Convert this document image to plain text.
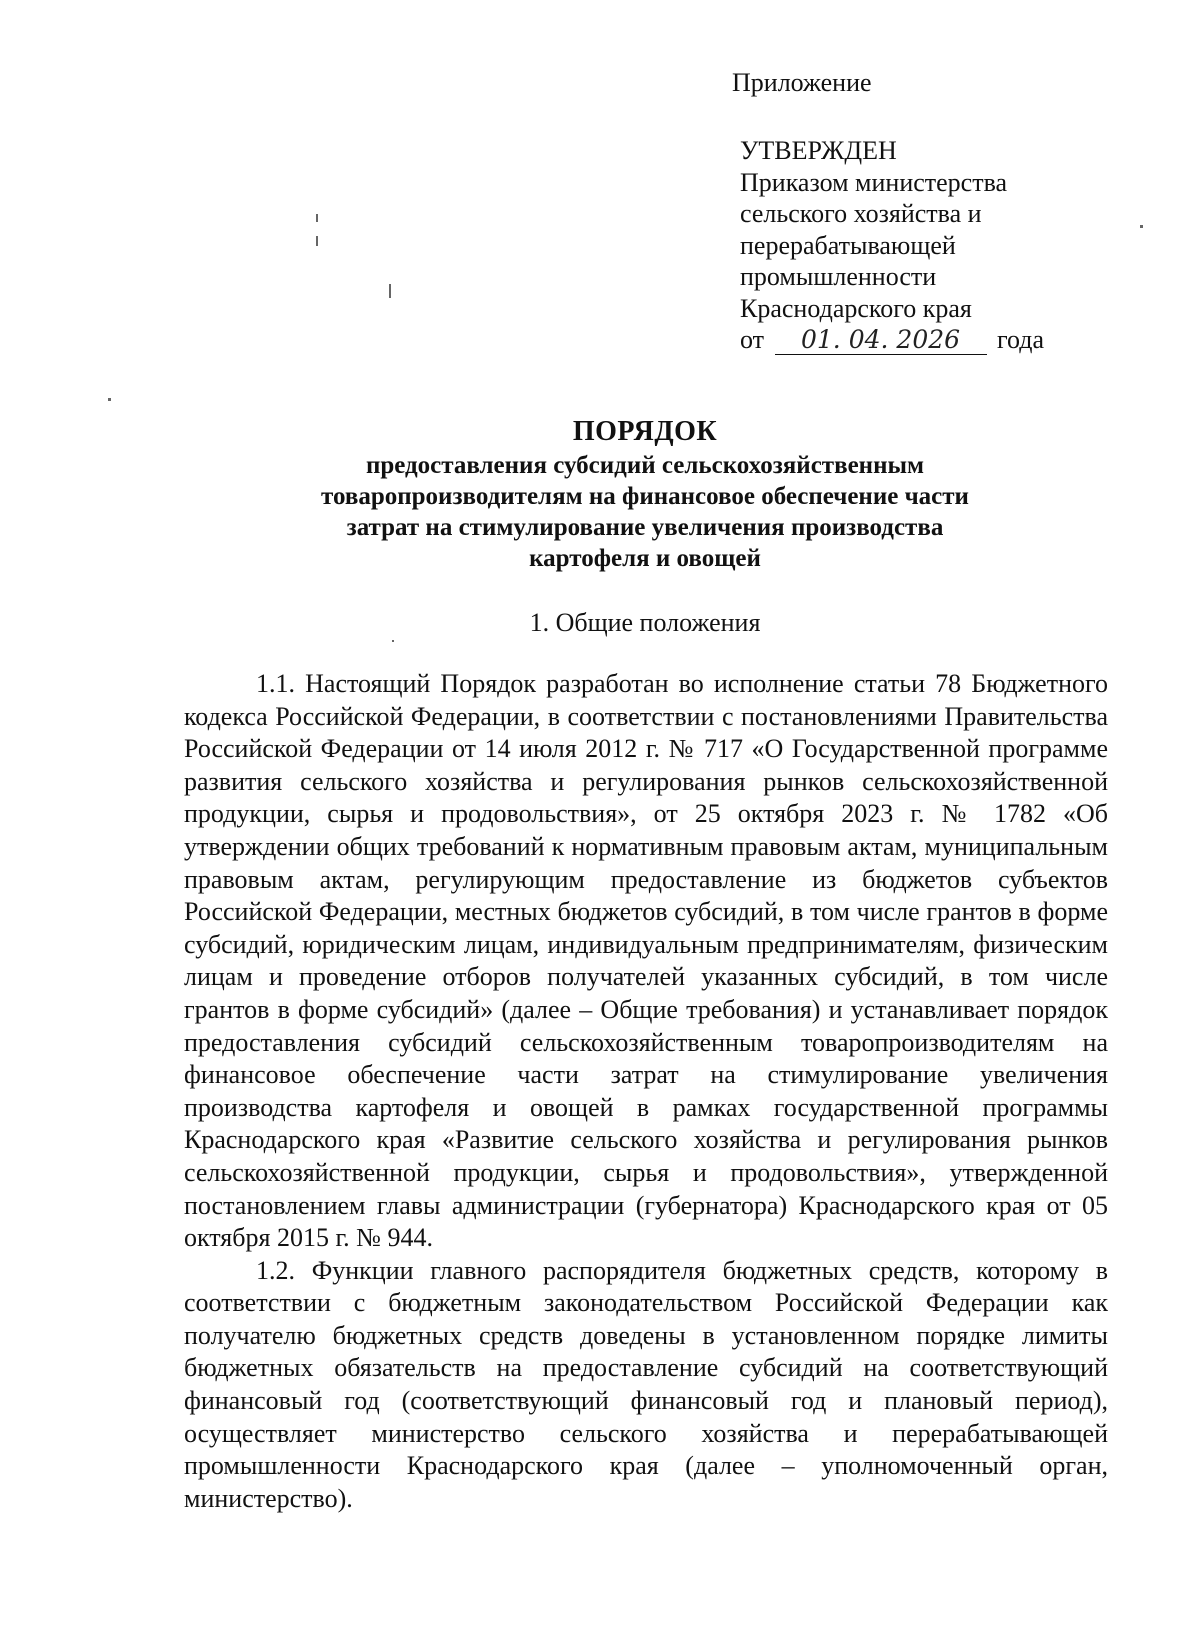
Приложение
УТВЕРЖДЕН
Приказом министерства
сельского хозяйства и
перерабатывающей
промышленности
Краснодарского края
от 01. 04. 2026 года
ПОРЯДОК
предоставления субсидий сельскохозяйственным
товаропроизводителям на финансовое обеспечение части
затрат на стимулирование увеличения производства
картофеля и овощей
1. Общие положения

1.1. Настоящий Порядок разработан во исполнение статьи 78 Бюджетного кодекса Российской Федерации, в соответствии с постановлениями Правительства Российской Федерации от 14 июля 2012 г. № 717 «О Государственной программе развития сельского хозяйства и регулирования рынков сельскохозяйственной продукции, сырья и продовольствия», от 25 октября 2023 г. № 1782 «Об утверждении общих требований к нормативным правовым актам, муниципальным правовым актам, регулирующим предоставление из бюджетов субъектов Российской Федерации, местных бюджетов субсидий, в том числе грантов в форме субсидий, юридическим лицам, индивидуальным предпринимателям, физическим лицам и проведение отборов получателей указанных субсидий, в том числе грантов в форме субсидий» (далее – Общие требования) и устанавливает порядок предоставления субсидий сельскохозяйственным товаропроизводителям на финансовое обеспечение части затрат на стимулирование увеличения производства картофеля и овощей в рамках государственной программы Краснодарского края «Развитие сельского хозяйства и регулирования рынков сельскохозяйственной продукции, сырья и продовольствия», утвержденной постановлением главы администрации (губернатора) Краснодарского края от 05 октября 2015 г. № 944.

1.2. Функции главного распорядителя бюджетных средств, которому в соответствии с бюджетным законодательством Российской Федерации как получателю бюджетных средств доведены в установленном порядке лимиты бюджетных обязательств на предоставление субсидий на соответствующий финансовый год (соответствующий финансовый год и плановый период), осуществляет министерство сельского хозяйства и перерабатывающей промышленности Краснодарского края (далее – уполномоченный орган, министерство).
